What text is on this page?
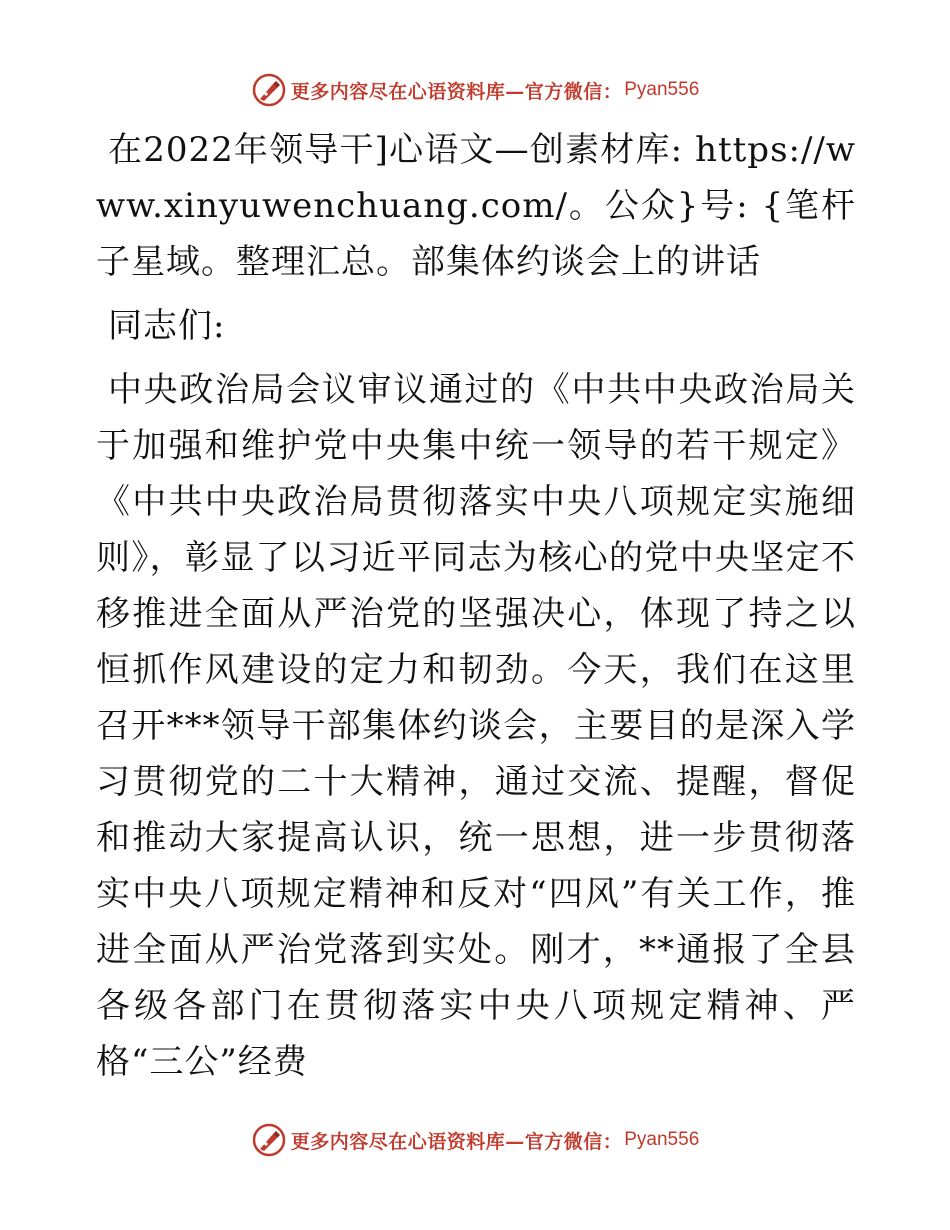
更多内容尽在心语资料库—官方微信： Pyan556

在2022年领导干]心语文—创素材库: https://www.xinyuwenchuang.com/。公众}号: {笔杆子星域。整理汇总。部集体约谈会上的讲话

同志们:

中央政治局会议审议通过的《中共中央政治局关于加强和维护党中央集中统一领导的若干规定》《中共中央政治局贯彻落实中央八项规定实施细则》，彰显了以习近平同志为核心的党中央坚定不移推进全面从严治党的坚强决心，体现了持之以恒抓作风建设的定力和韧劲。今天，我们在这里召开***领导干部集体约谈会，主要目的是深入学习贯彻党的二十大精神，通过交流、提醒，督促和推动大家提高认识，统一思想，进一步贯彻落实中央八项规定精神和反对“四风”有关工作，推进全面从严治党落到实处。刚才，**通报了全县各级各部门在贯彻落实中央八项规定精神、严格“三公”经费

更多内容尽在心语资料库—官方微信： Pyan556
